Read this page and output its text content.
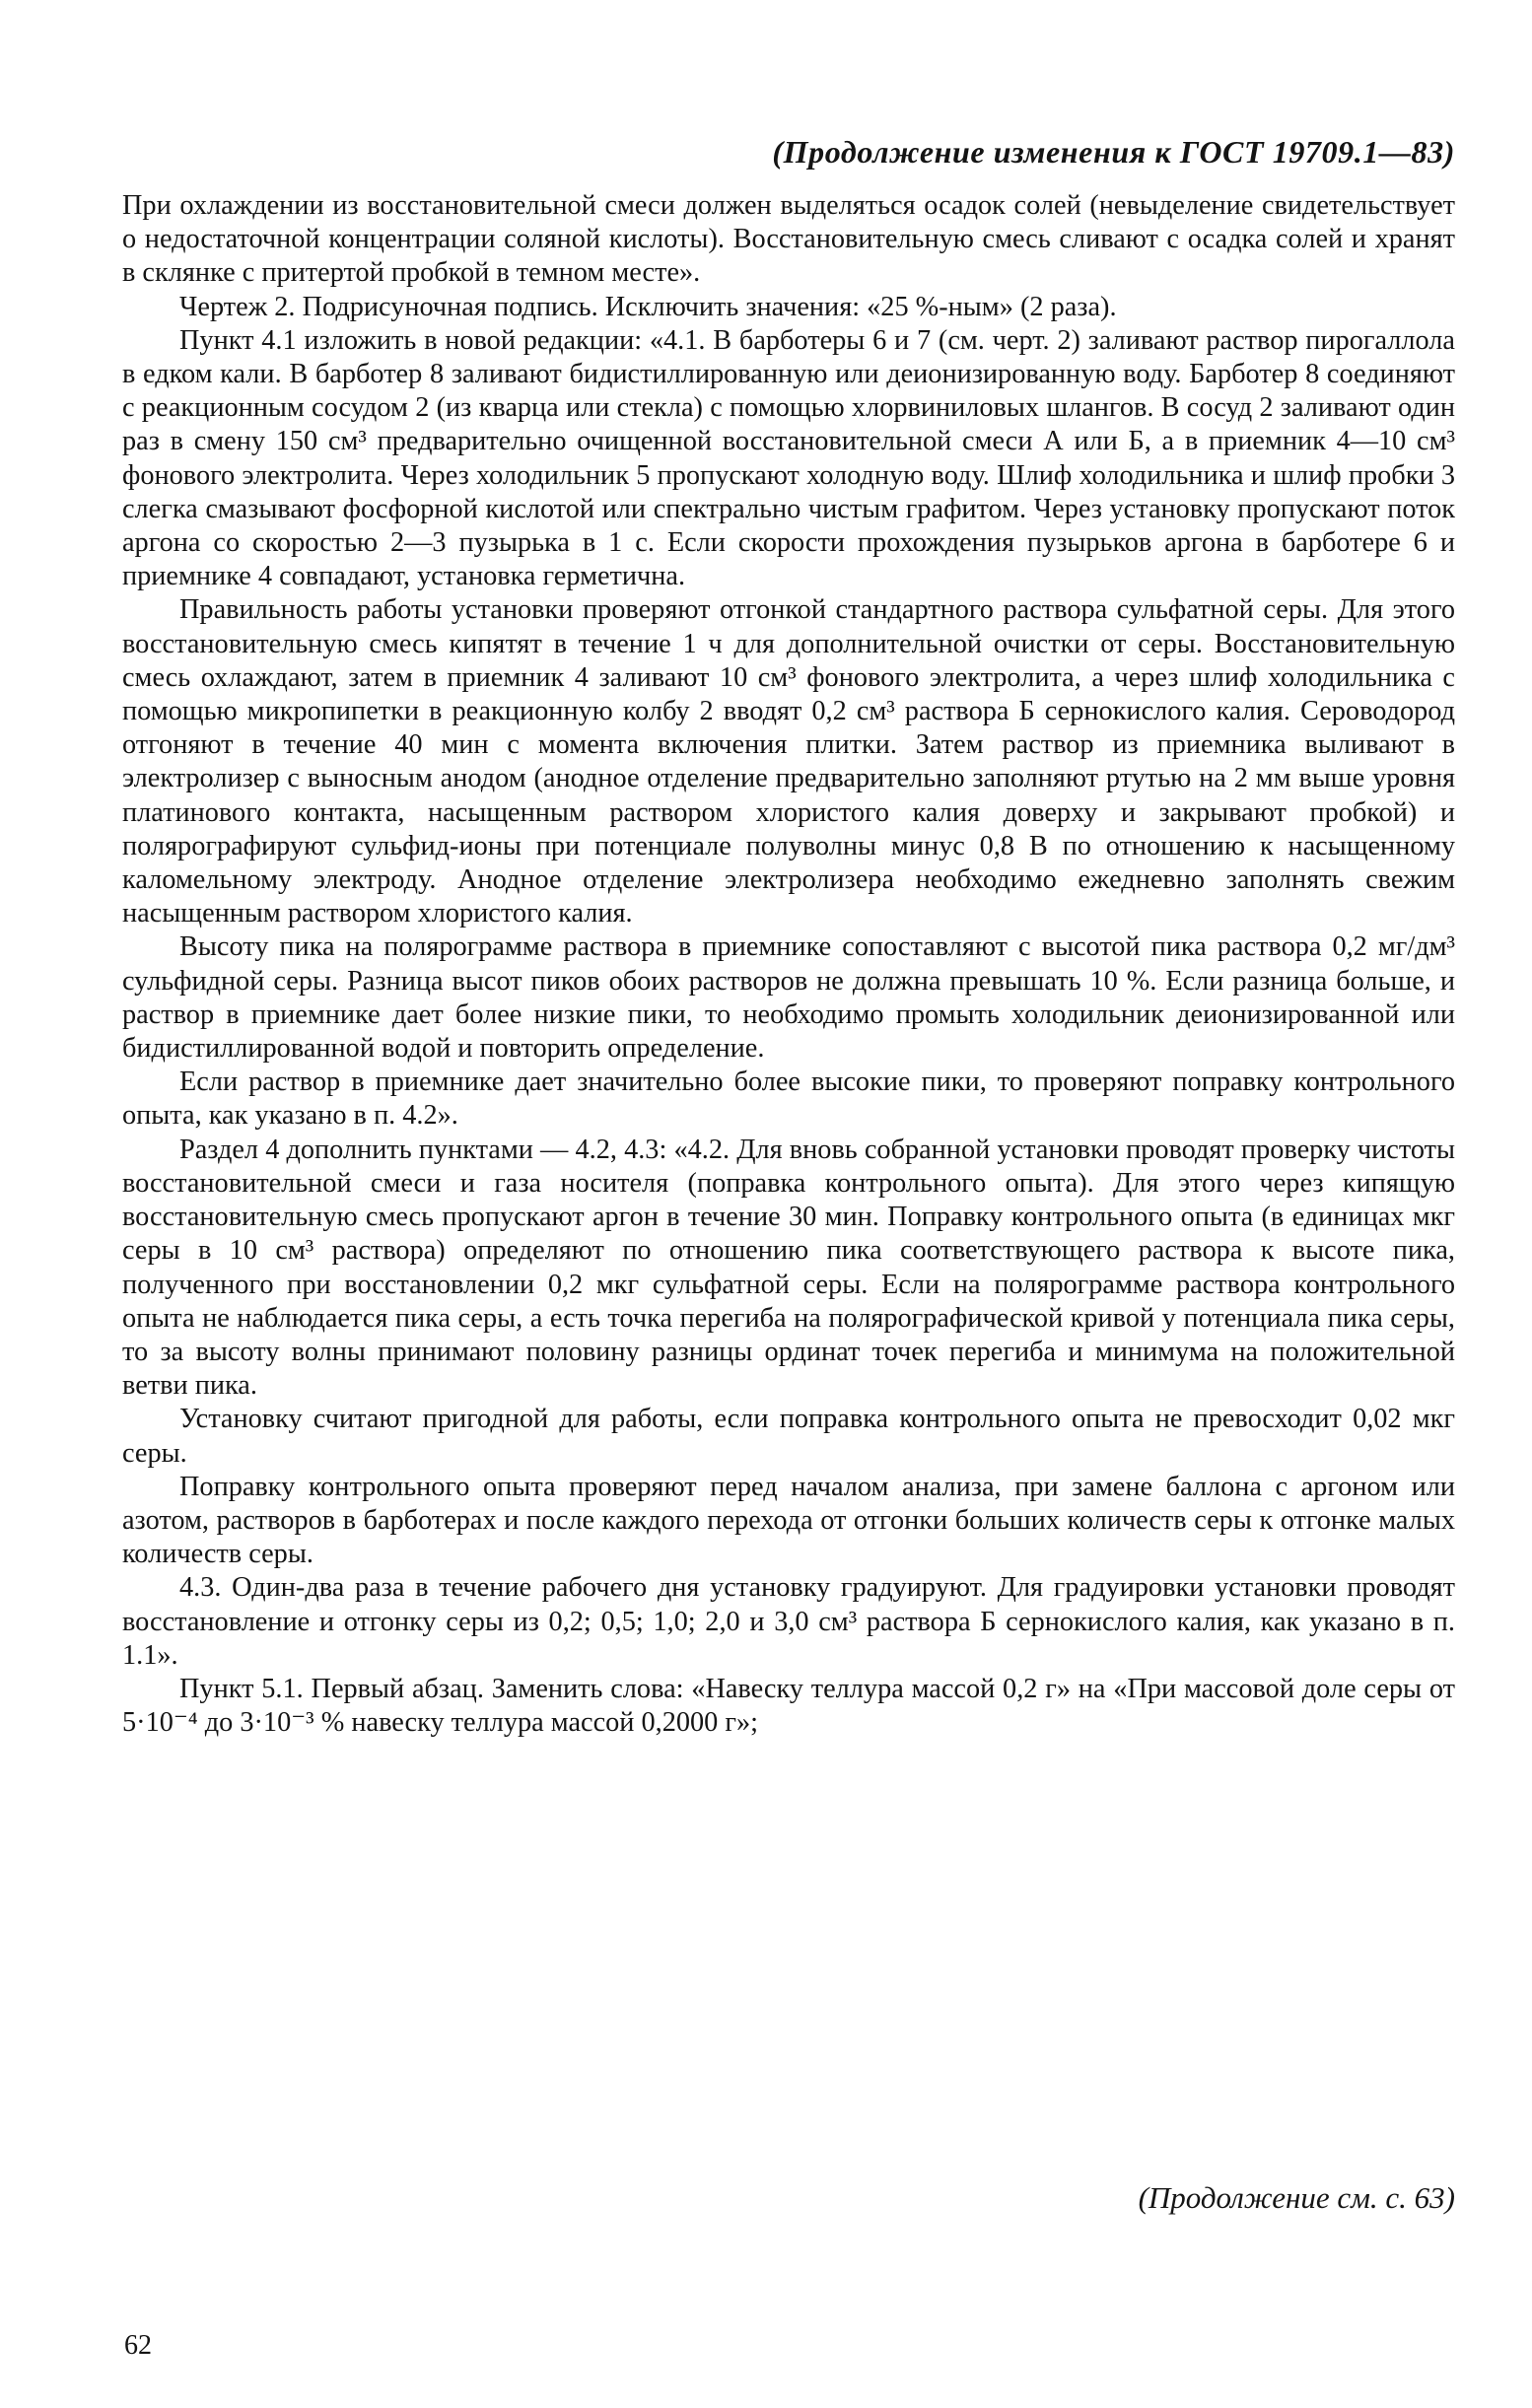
(Продолжение изменения к ГОСТ 19709.1—83)

При охлаждении из восстановительной смеси должен выделяться осадок солей (невыделение свидетельствует о недостаточной концентрации соляной кислоты). Восстановительную смесь сливают с осадка солей и хранят в склянке с притертой пробкой в темном месте».

Чертеж 2. Подрисуночная подпись. Исключить значения: «25 %-ным» (2 раза).

Пункт 4.1 изложить в новой редакции: «4.1. В барботеры 6 и 7 (см. черт. 2) заливают раствор пирогаллола в едком кали. В барботер 8 заливают бидистиллированную или деионизированную воду. Барботер 8 соединяют с реакционным сосудом 2 (из кварца или стекла) с помощью хлорвиниловых шлангов. В сосуд 2 заливают один раз в смену 150 см³ предварительно очищенной восстановительной смеси А или Б, а в приемник 4—10 см³ фонового электролита. Через холодильник 5 пропускают холодную воду. Шлиф холодильника и шлиф пробки 3 слегка смазывают фосфорной кислотой или спектрально чистым графитом. Через установку пропускают поток аргона со скоростью 2—3 пузырька в 1 с. Если скорости прохождения пузырьков аргона в барботере 6 и приемнике 4 совпадают, установка герметична.

Правильность работы установки проверяют отгонкой стандартного раствора сульфатной серы. Для этого восстановительную смесь кипятят в течение 1 ч для дополнительной очистки от серы. Восстановительную смесь охлаждают, затем в приемник 4 заливают 10 см³ фонового электролита, а через шлиф холодильника с помощью микропипетки в реакционную колбу 2 вводят 0,2 см³ раствора Б сернокислого калия. Сероводород отгоняют в течение 40 мин с момента включения плитки. Затем раствор из приемника выливают в электролизер с выносным анодом (анодное отделение предварительно заполняют ртутью на 2 мм выше уровня платинового контакта, насыщенным раствором хлористого калия доверху и закрывают пробкой) и полярографируют сульфид-ионы при потенциале полуволны минус 0,8 В по отношению к насыщенному каломельному электроду. Анодное отделение электролизера необходимо ежедневно заполнять свежим насыщенным раствором хлористого калия.

Высоту пика на полярограмме раствора в приемнике сопоставляют с высотой пика раствора 0,2 мг/дм³ сульфидной серы. Разница высот пиков обоих растворов не должна превышать 10 %. Если разница больше, и раствор в приемнике дает более низкие пики, то необходимо промыть холодильник деионизированной или бидистиллированной водой и повторить определение.

Если раствор в приемнике дает значительно более высокие пики, то проверяют поправку контрольного опыта, как указано в п. 4.2».

Раздел 4 дополнить пунктами — 4.2, 4.3: «4.2. Для вновь собранной установки проводят проверку чистоты восстановительной смеси и газа носителя (поправка контрольного опыта). Для этого через кипящую восстановительную смесь пропускают аргон в течение 30 мин. Поправку контрольного опыта (в единицах мкг серы в 10 см³ раствора) определяют по отношению пика соответствующего раствора к высоте пика, полученного при восстановлении 0,2 мкг сульфатной серы. Если на полярограмме раствора контрольного опыта не наблюдается пика серы, а есть точка перегиба на полярографической кривой у потенциала пика серы, то за высоту волны принимают половину разницы ординат точек перегиба и минимума на положительной ветви пика.

Установку считают пригодной для работы, если поправка контрольного опыта не превосходит 0,02 мкг серы.

Поправку контрольного опыта проверяют перед началом анализа, при замене баллона с аргоном или азотом, растворов в барботерах и после каждого перехода от отгонки больших количеств серы к отгонке малых количеств серы.

4.3. Один-два раза в течение рабочего дня установку градуируют. Для градуировки установки проводят восстановление и отгонку серы из 0,2; 0,5; 1,0; 2,0 и 3,0 см³ раствора Б сернокислого калия, как указано в п. 1.1».

Пункт 5.1. Первый абзац. Заменить слова: «Навеску теллура массой 0,2 г» на «При массовой доле серы от 5·10⁻⁴ до 3·10⁻³ % навеску теллура массой 0,2000 г»;

(Продолжение см. с. 63)
62
